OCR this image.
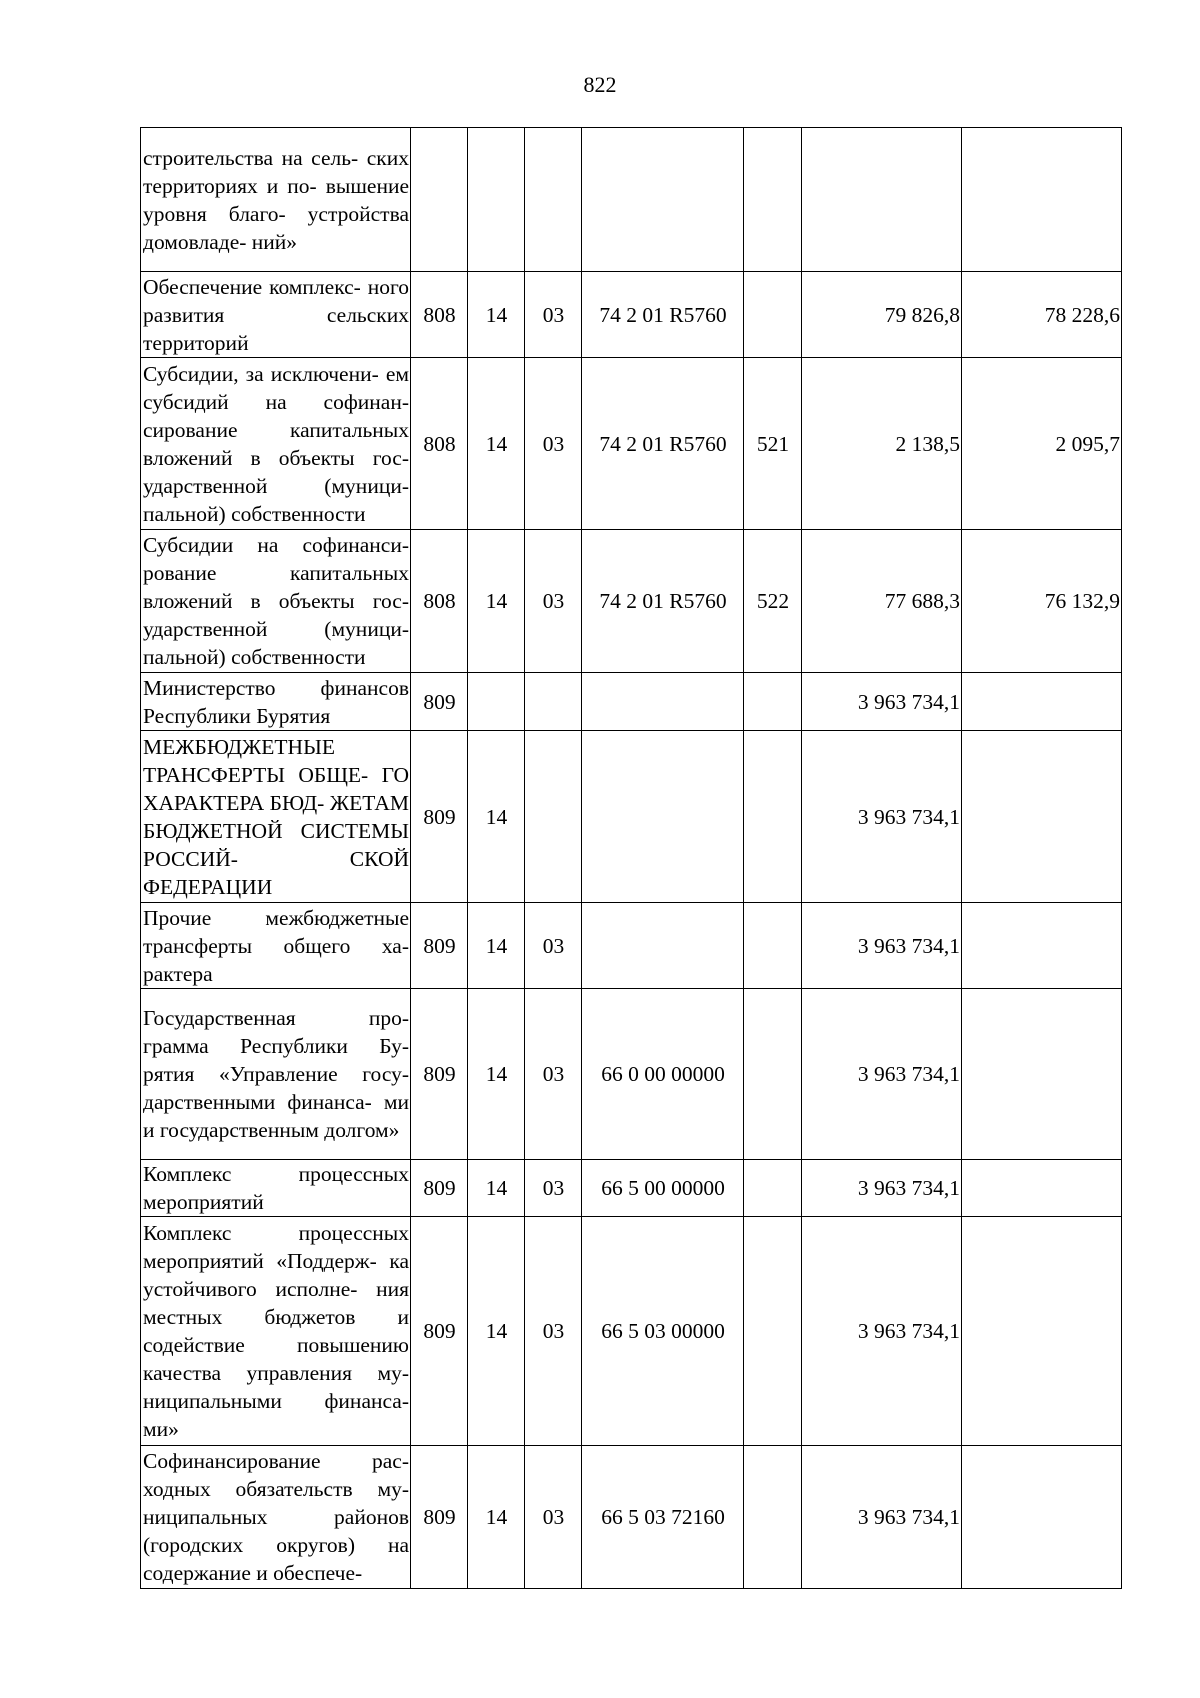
822
строительства на сель- ских территориях и по- вышение уровня благо- устройства домовладе- ний»							
Обеспечение комплекс- ного развития сельских территорий	808	14	03	74 2 01 R5760		79 826,8	78 228,6
Субсидии, за исключени- ем субсидий на софинан- сирование капитальных вложений в объекты гос- ударственной (муници- пальной) собственности	808	14	03	74 2 01 R5760	521	2 138,5	2 095,7
Субсидии на софинанси- рование капитальных вложений в объекты гос- ударственной (муници- пальной) собственности	808	14	03	74 2 01 R5760	522	77 688,3	76 132,9
Министерство финансов Республики Бурятия	809					3 963 734,1	
МЕЖБЮДЖЕТНЫЕ ТРАНСФЕРТЫ ОБЩЕ- ГО ХАРАКТЕРА БЮД- ЖЕТАМ БЮДЖЕТНОЙ СИСТЕМЫ РОССИЙ- СКОЙ ФЕДЕРАЦИИ	809	14				3 963 734,1	
Прочие межбюджетные трансферты общего ха- рактера	809	14	03			3 963 734,1	
Государственная про- грамма Республики Бу- рятия «Управление госу- дарственными финанса- ми и государственным долгом»	809	14	03	66 0 00 00000		3 963 734,1	
Комплекс процессных мероприятий	809	14	03	66 5 00 00000		3 963 734,1	
Комплекс процессных мероприятий «Поддерж- ка устойчивого исполне- ния местных бюджетов и содействие повышению качества управления му- ниципальными финанса- ми»	809	14	03	66 5 03 00000		3 963 734,1	
Софинансирование рас- ходных обязательств му- ниципальных районов (городских округов) на содержание и обеспече-	809	14	03	66 5 03 72160		3 963 734,1	
